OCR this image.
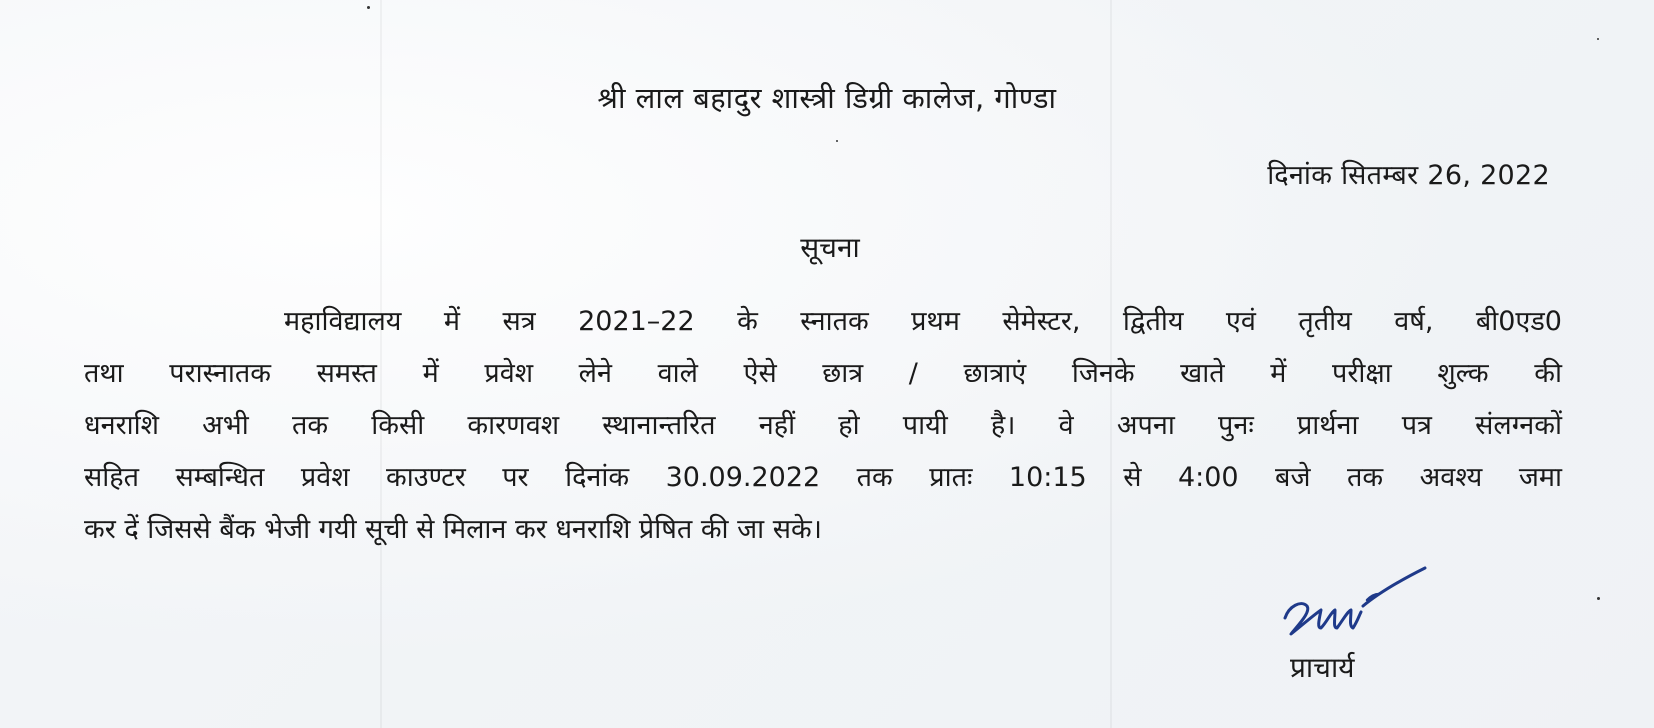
श्री लाल बहादुर शास्त्री डिग्री कालेज, गोण्डा
दिनांक सितम्बर 26, 2022
सूचना
महाविद्यालय में सत्र 2021–22 के स्नातक प्रथम सेमेस्टर, द्वितीय एवं तृतीय वर्ष, बी0एड0
तथा परास्नातक समस्त में प्रवेश लेने वाले ऐसे छात्र / छात्राएं जिनके खाते में परीक्षा शुल्क की
धनराशि अभी तक किसी कारणवश स्थानान्तरित नहीं हो पायी है। वे अपना पुनः प्रार्थना पत्र संलग्नकों
सहित सम्बन्धित प्रवेश काउण्टर पर दिनांक 30.09.2022 तक प्रातः 10:15 से 4:00 बजे तक अवश्य जमा
कर दें जिससे बैंक भेजी गयी सूची से मिलान कर धनराशि प्रेषित की जा सके।
प्राचार्य
